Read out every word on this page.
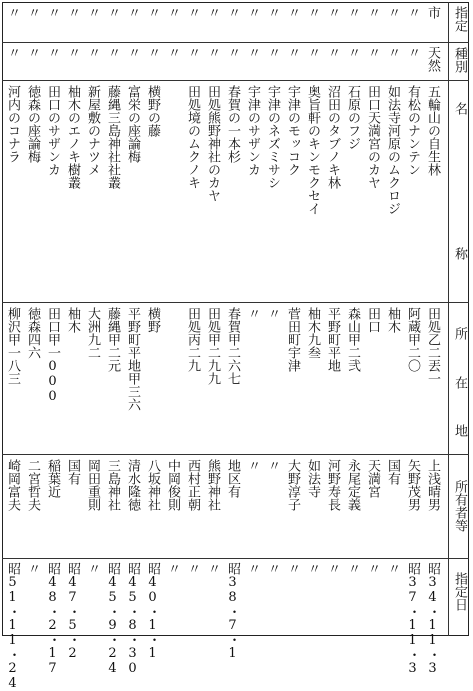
指定
種別
名
称
所
在
地
所有者等
指定日
市
天然
五輪山の自生林
田処乙二丟一
上浅晴男
昭34・11・3
〃
〃
有松のナンテン
阿蔵甲二〇
矢野茂男
昭37・11・3
〃
〃
如法寺河原のムクロジ
柚木
国有
〃
〃
〃
田口天満宮のカヤ
田口
天満宮
〃
〃
〃
石原のフジ
森山甲二弐
永尾定義
〃
〃
〃
沼田のタブノキ林
平野町平地
河野寿長
〃
〃
〃
奥旨軒のキンモクセイ
柚木九叁
如法寺
〃
〃
〃
宇津のモッコク
菅田町宇津
大野淳子
〃
〃
〃
宇津のネズミサシ
〃
〃
〃
〃
〃
宇津のサザンカ
〃
〃
〃
〃
〃
春賀の一本杉
春賀甲二六七
地区有
昭38・7・1
〃
〃
田処熊野神社のカヤ
田処甲二九九
熊野神社
〃
〃
〃
田処境のムクノキ
田処丙二九
西村正朝
〃
〃
〃
中岡俊則
〃
〃
〃
横野の藤
横野
八坂神社
昭40・1・1
〃
〃
富栄の座論梅
平野町平地甲三六
清水隆徳
昭45・8・30
〃
〃
藤縄三島神社社叢
藤縄甲二元
三島神社
昭45・9・24
〃
〃
新屋敷のナツメ
大洲九二
岡田重則
〃
〃
〃
柚木のエノキ樹叢
柚木
国有
昭47・5・2
〃
〃
田口のサザンカ
田口甲一000
稲葉近
昭48・2・17
〃
〃
徳森の座論梅
徳森四六
二宮哲夫
〃
〃
〃
河内のコナラ
柳沢甲一八三
崎岡富夫
昭51・11・24
